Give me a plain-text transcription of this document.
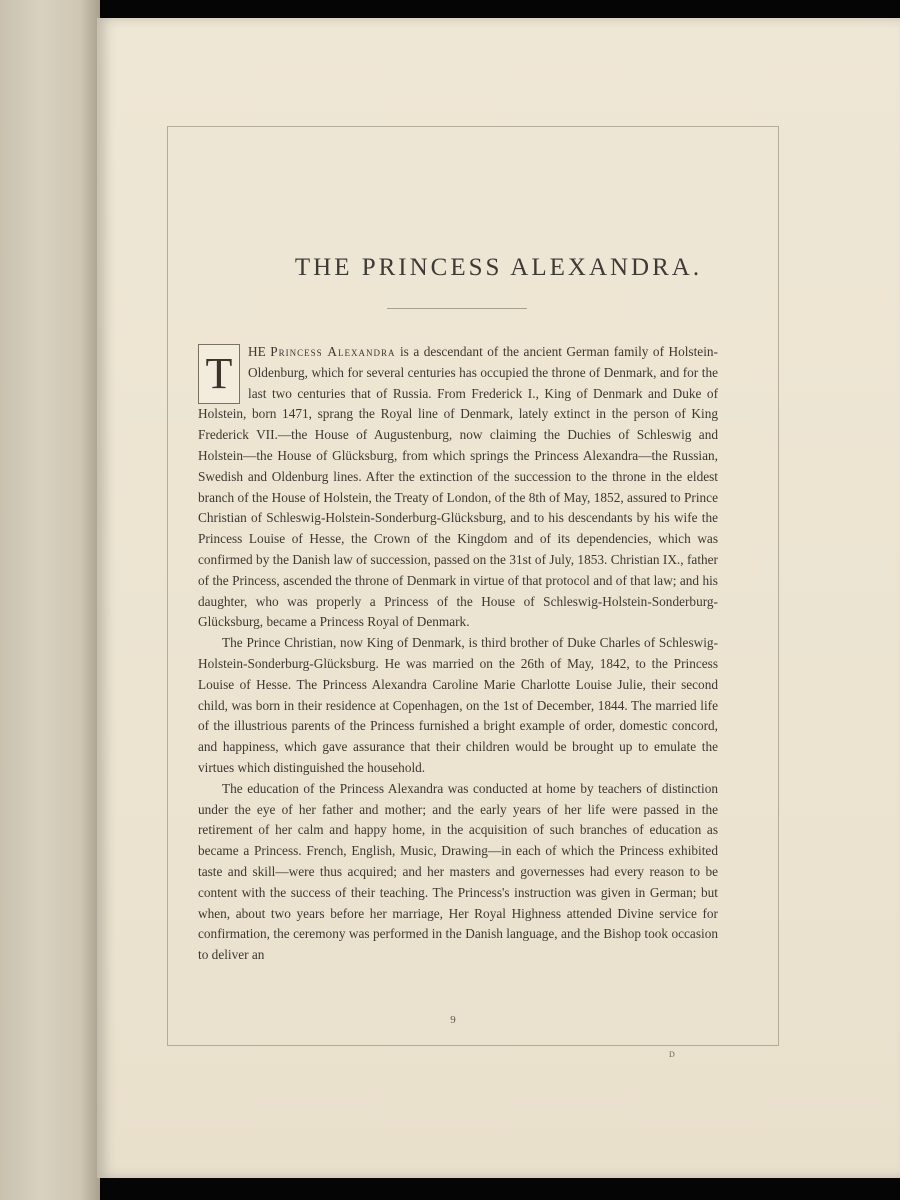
THE PRINCESS ALEXANDRA.

T	HE Princess Alexandra is a descendant of the ancient German family of Holstein-Oldenburg, which for several centuries has occupied the throne of Denmark, and for the last two centuries that of Russia. From Frederick I., King of Denmark and Duke of Holstein, born 1471, sprang the Royal line of Denmark, lately extinct in the person of King Frederick VII.—the House of Augustenburg, now claiming the Duchies of Schleswig and Holstein—the House of Glücksburg, from which springs the Princess Alexandra—the Russian, Swedish and Oldenburg lines. After the extinction of the succession to the throne in the eldest branch of the House of Holstein, the Treaty of London, of the 8th of May, 1852, assured to Prince Christian of Schleswig-Holstein-Sonderburg-Glücksburg, and to his descendants by his wife the Princess Louise of Hesse, the Crown of the Kingdom and of its dependencies, which was confirmed by the Danish law of succession, passed on the 31st of July, 1853. Christian IX., father of the Princess, ascended the throne of Denmark in virtue of that protocol and of that law; and his daughter, who was properly a Princess of the House of Schleswig-Holstein-Sonderburg-Glücksburg, became a Princess Royal of Denmark.

The Prince Christian, now King of Denmark, is third brother of Duke Charles of Schleswig-Holstein-Sonderburg-Glücksburg. He was married on the 26th of May, 1842, to the Princess Louise of Hesse. The Princess Alexandra Caroline Marie Charlotte Louise Julie, their second child, was born in their residence at Copenhagen, on the 1st of December, 1844. The married life of the illustrious parents of the Princess furnished a bright example of order, domestic concord, and happiness, which gave assurance that their children would be brought up to emulate the virtues which distinguished the household.

The education of the Princess Alexandra was conducted at home by teachers of distinction under the eye of her father and mother; and the early years of her life were passed in the retirement of her calm and happy home, in the acquisition of such branches of education as became a Princess. French, English, Music, Drawing—in each of which the Princess exhibited taste and skill—were thus acquired; and her masters and governesses had every reason to be content with the success of their teaching. The Princess's instruction was given in German; but when, about two years before her marriage, Her Royal Highness attended Divine service for confirmation, the ceremony was performed in the Danish language, and the Bishop took occasion to deliver an

9
D
